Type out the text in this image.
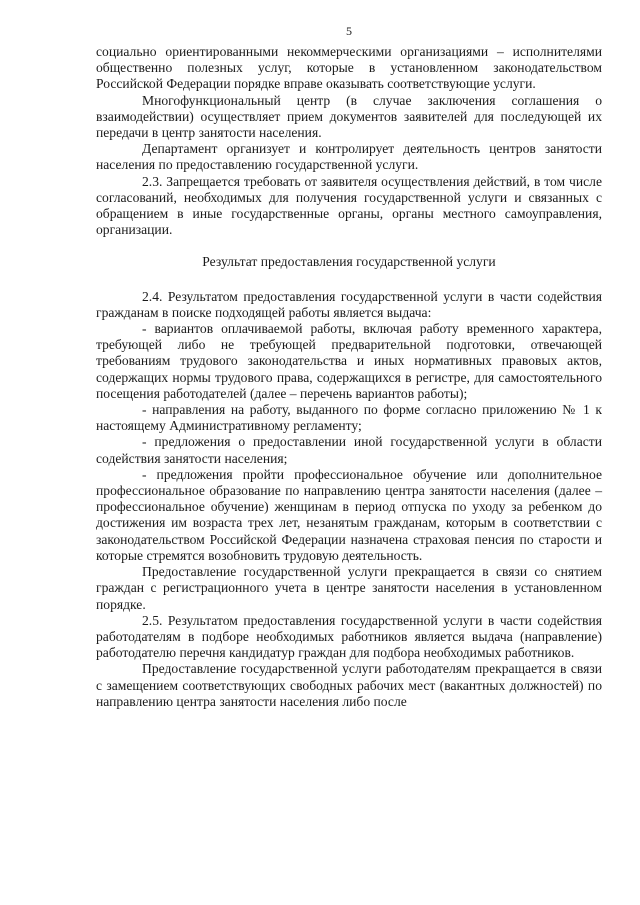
5

социально ориентированными некоммерческими организациями – исполнителями общественно полезных услуг, которые в установленном законодательством Российской Федерации порядке вправе оказывать соответствующие услуги.

Многофункциональный центр (в случае заключения соглашения о взаимодействии) осуществляет прием документов заявителей для последующей их передачи в центр занятости населения.

Департамент организует и контролирует деятельность центров занятости населения по предоставлению государственной услуги.

2.3. Запрещается требовать от заявителя осуществления действий, в том числе согласований, необходимых для получения государственной услуги и связанных с обращением в иные государственные органы, органы местного самоуправления, организации.

Результат предоставления государственной услуги

2.4. Результатом предоставления государственной услуги в части содействия гражданам в поиске подходящей работы является выдача:

- вариантов оплачиваемой работы, включая работу временного характера, требующей либо не требующей предварительной подготовки, отвечающей требованиям трудового законодательства и иных нормативных правовых актов, содержащих нормы трудового права, содержащихся в регистре, для самостоятельного посещения работодателей (далее – перечень вариантов работы);

- направления на работу, выданного по форме согласно приложению № 1 к настоящему Административному регламенту;

- предложения о предоставлении иной государственной услуги в области содействия занятости населения;

- предложения пройти профессиональное обучение или дополнительное профессиональное образование по направлению центра занятости населения (далее – профессиональное обучение) женщинам в период отпуска по уходу за ребенком до достижения им возраста трех лет, незанятым гражданам, которым в соответствии с законодательством Российской Федерации назначена страховая пенсия по старости и которые стремятся возобновить трудовую деятельность.

Предоставление государственной услуги прекращается в связи со снятием граждан с регистрационного учета в центре занятости населения в установленном порядке.

2.5. Результатом предоставления государственной услуги в части содействия работодателям в подборе необходимых работников является выдача (направление) работодателю перечня кандидатур граждан для подбора необходимых работников.

Предоставление государственной услуги работодателям прекращается в связи с замещением соответствующих свободных рабочих мест (вакантных должностей) по направлению центра занятости населения либо после
